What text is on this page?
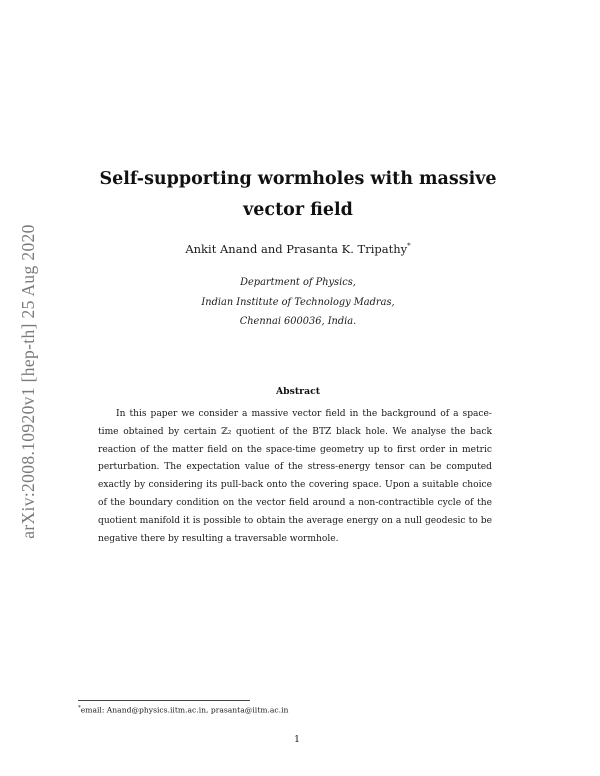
arXiv:2008.10920v1 [hep-th] 25 Aug 2020
Self-supporting wormholes with massive
vector field
Ankit Anand and Prasanta K. Tripathy*
Department of Physics,
Indian Institute of Technology Madras,
Chennai 600036, India.
Abstract
In this paper we consider a massive vector field in the background of a space-
time obtained by certain ℤ₂ quotient of the BTZ black hole. We analyse the back
reaction of the matter field on the space-time geometry up to first order in metric
perturbation. The expectation value of the stress-energy tensor can be computed
exactly by considering its pull-back onto the covering space. Upon a suitable choice
of the boundary condition on the vector field around a non-contractible cycle of the
quotient manifold it is possible to obtain the average energy on a null geodesic to be
negative there by resulting a traversable wormhole.
*email: Anand@physics.iitm.ac.in, prasanta@iitm.ac.in
1
